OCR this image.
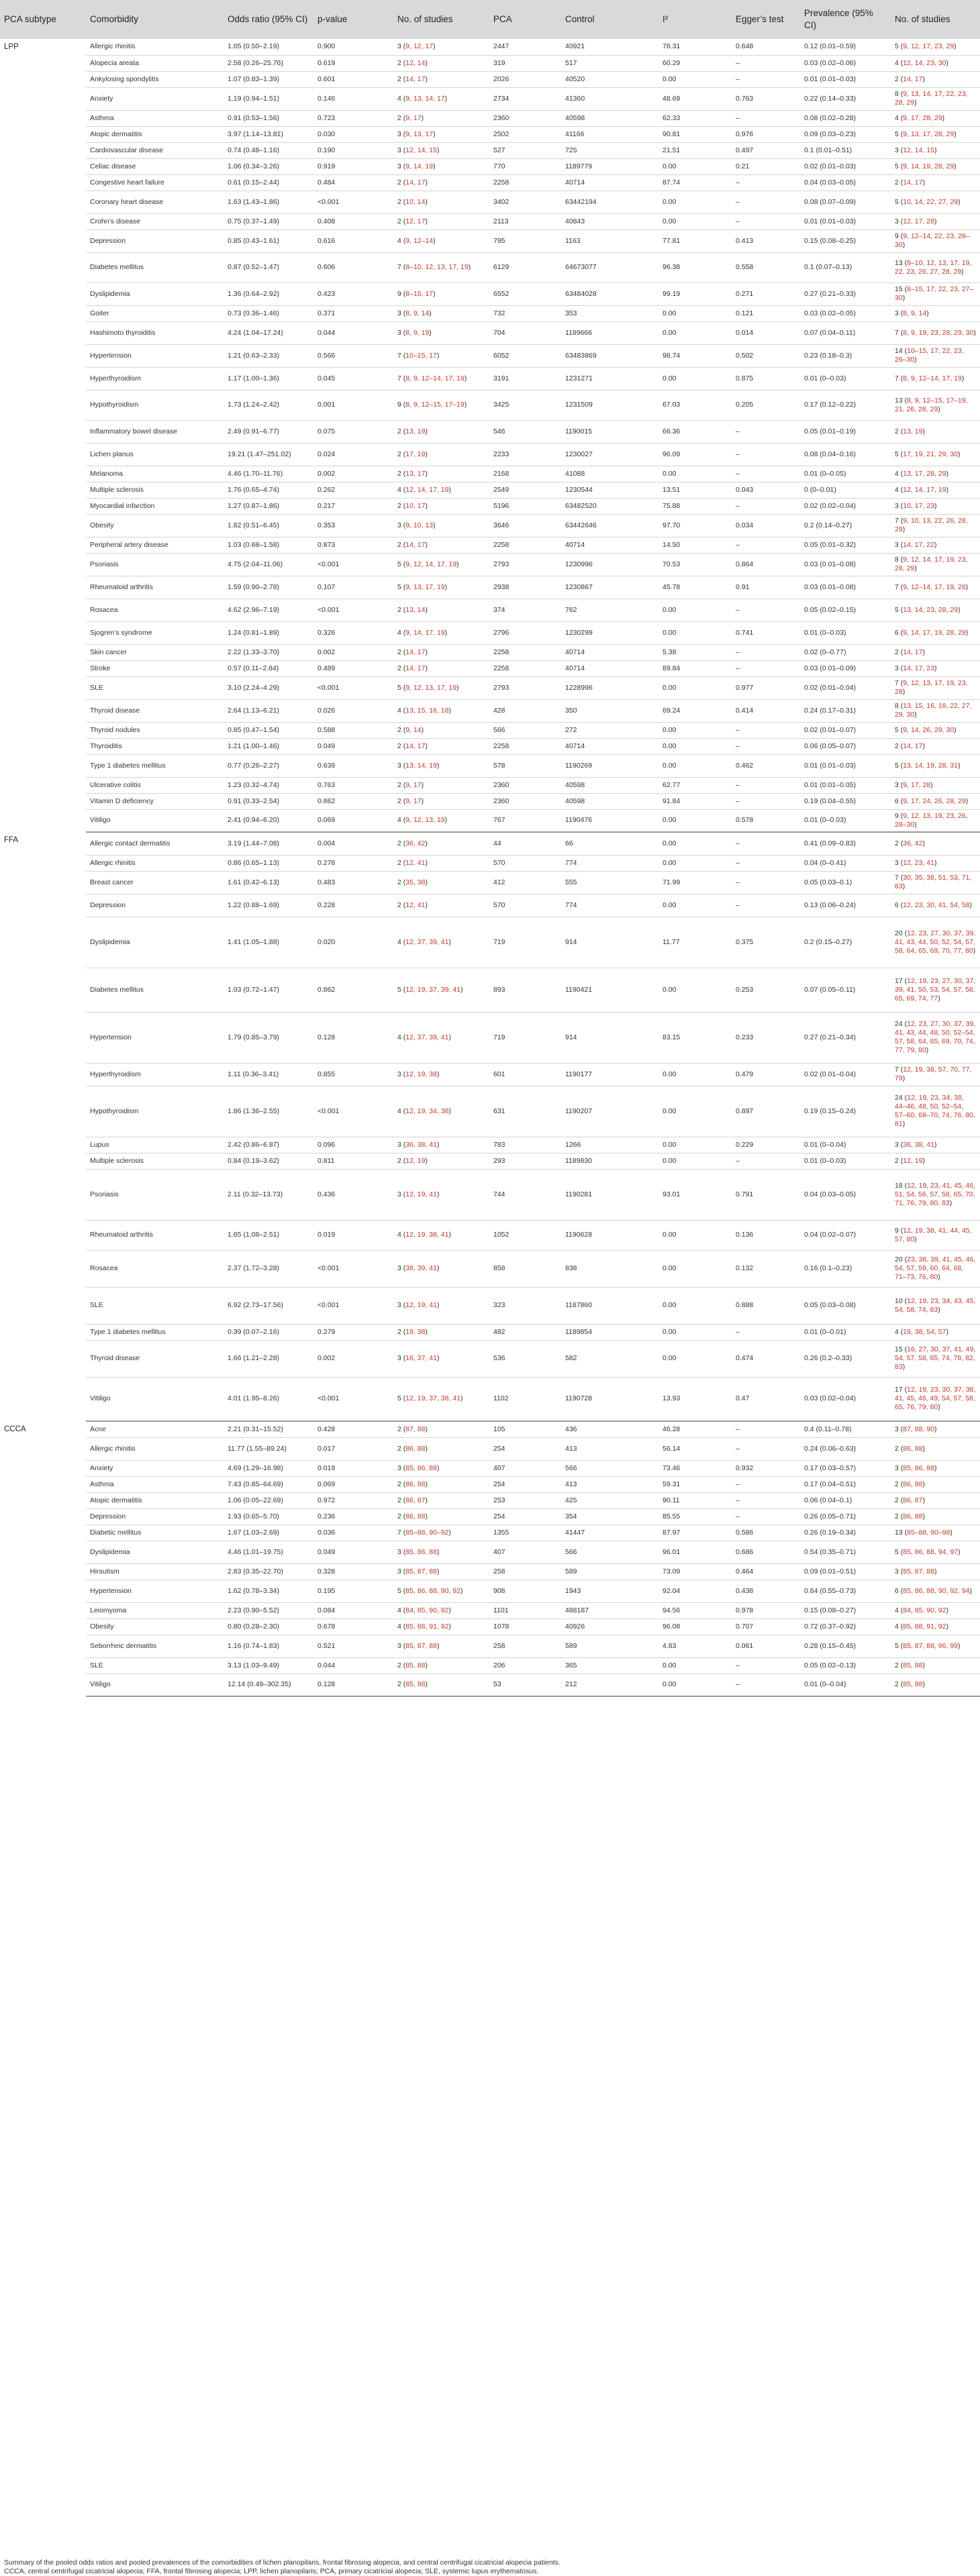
PCA subtype	Comorbidity	Odds ratio (95% CI)	p-value	No. of studies	PCA	Control	I²	Egger’s test	Prevalence (95% CI)	No. of studies
LPP	Allergic rhinitis	1.05 (0.50–2.19)	0.900	3 (9, 12, 17)	2447	40921	78.31	0.648	0.12 (0.01–0.59)	5 (9, 12, 17, 23, 29)
	Alopecia areata	2.58 (0.26–25.76)	0.619	2 (12, 14)	319	517	60.29	–	0.03 (0.02–0.06)	4 (12, 14, 23, 30)
	Ankylosing spondylitis	1.07 (0.83–1.39)	0.601	2 (14, 17)	2026	40520	0.00	–	0.01 (0.01–0.03)	2 (14, 17)
	Anxiety	1.19 (0.94–1.51)	0.146	4 (9, 13, 14, 17)	2734	41360	48.69	0.763	0.22 (0.14–0.33)	8 (9, 13, 14, 17, 22, 23, 28, 29)
	Asthma	0.91 (0.53–1.56)	0.723	2 (9, 17)	2360	40598	62.33	–	0.08 (0.02–0.28)	4 (9, 17, 28, 29)
	Atopic dermatitis	3.97 (1.14–13.81)	0.030	3 (9, 13, 17)	2502	41166	90.81	0.976	0.09 (0.03–0.23)	5 (9, 13, 17, 28, 29)
	Cardiovascular disease	0.74 (0.48–1.16)	0.190	3 (12, 14, 15)	527	725	21.51	0.497	0.1 (0.01–0.51)	3 (12, 14, 15)
	Celiac disease	1.06 (0.34–3.26)	0.919	3 (9, 14, 19)	770	1189779	0.00	0.21	0.02 (0.01–0.03)	5 (9, 14, 19, 28, 29)
	Congestive heart failure	0.61 (0.15–2.44)	0.484	2 (14, 17)	2258	40714	87.74	–	0.04 (0.03–0.05)	2 (14, 17)
	Coronary heart disease	1.63 (1.43–1.86)	<0.001	2 (10, 14)	3402	63442194	0.00	–	0.08 (0.07–0.09)	5 (10, 14, 22, 27, 29)
	Crohn’s disease	0.75 (0.37–1.49)	0.408	2 (12, 17)	2113	40843	0.00	–	0.01 (0.01–0.03)	3 (12, 17, 28)
	Depression	0.85 (0.43–1.61)	0.616	4 (9, 12–14)	795	1163	77.81	0.413	0.15 (0.08–0.25)	9 (9, 12–14, 22, 23, 28–30)
	Diabetes mellitus	0.87 (0.52–1.47)	0.606	7 (8–10, 12, 13, 17, 19)	6129	64673077	96.38	0.558	0.1 (0.07–0.13)	13 (8–10, 12, 13, 17, 19, 22, 23, 26, 27, 28, 29)
	Dyslipidemia	1.36 (0.64–2.92)	0.423	9 (8–15, 17)	6552	63484028	99.19	0.271	0.27 (0.21–0.33)	15 (8–15, 17, 22, 23, 27–30)
	Goiter	0.73 (0.36–1.46)	0.371	3 (8, 9, 14)	732	353	0.00	0.121	0.03 (0.02–0.05)	3 (8, 9, 14)
	Hashimoto thyroiditis	4.24 (1.04–17.24)	0.044	3 (8, 9, 19)	704	1189666	0.00	0.014	0.07 (0.04–0.11)	7 (8, 9, 19, 23, 28, 29, 30)
	Hypertension	1.21 (0.63–2.33)	0.566	7 (10–15, 17)	6052	63483869	98.74	0.502	0.23 (0.18–0.3)	14 (10–15, 17, 22, 23, 26–30)
	Hyperthyroidism	1.17 (1.00–1.36)	0.045	7 (8, 9, 12–14, 17, 19)	3191	1231271	0.00	0.875	0.01 (0–0.03)	7 (8, 9, 12–14, 17, 19)
	Hypothyroidism	1.73 (1.24–2.42)	0.001	9 (8, 9, 12–15, 17–19)	3425	1231509	67.03	0.205	0.17 (0.12–0.22)	13 (8, 9, 12–15, 17–19, 21, 26, 28, 29)
	Inflammatory bowel disease	2.49 (0.91–6.77)	0.075	2 (13, 19)	546	1190015	66.36	–	0.05 (0.01–0.19)	2 (13, 19)
	Lichen planus	19.21 (1.47–251.02)	0.024	2 (17, 19)	2233	1230027	96.09	–	0.08 (0.04–0.16)	5 (17, 19, 21, 29, 30)
	Melanoma	4.46 (1.70–11.76)	0.002	2 (13, 17)	2168	41088	0.00	–	0.01 (0–0.05)	4 (13, 17, 28, 29)
	Multiple sclerosis	1.76 (0.65–4.74)	0.262	4 (12, 14, 17, 19)	2549	1230544	13.51	0.043	0 (0–0.01)	4 (12, 14, 17, 19)
	Myocardial infarction	1.27 (0.87–1.86)	0.217	2 (10, 17)	5196	63482520	75.88	–	0.02 (0.02–0.04)	3 (10, 17, 23)
	Obesity	1.82 (0.51–6.45)	0.353	3 (9, 10, 13)	3646	63442646	97.70	0.034	0.2 (0.14–0.27)	7 (9, 10, 13, 22, 26, 28, 29)
	Peripheral artery disease	1.03 (0.68–1.58)	0.873	2 (14, 17)	2258	40714	14.50	–	0.05 (0.01–0.32)	3 (14, 17, 22)
	Psoriasis	4.75 (2.04–11.06)	<0.001	5 (9, 12, 14, 17, 19)	2793	1230996	70.53	0.864	0.03 (0.01–0.08)	8 (9, 12, 14, 17, 19, 23, 28, 29)
	Rheumatoid arthritis	1.59 (0.90–2.78)	0.107	5 (9, 13, 17, 19)	2938	1230867	45.78	0.91	0.03 (0.01–0.08)	7 (9, 12–14, 17, 19, 28)
	Rosacea	4.62 (2.96–7.19)	<0.001	2 (13, 14)	374	762	0.00	–	0.05 (0.02–0.15)	5 (13, 14, 23, 28, 29)
	Sjogren’s syndrome	1.24 (0.81–1.89)	0.326	4 (9, 14, 17, 19)	2796	1230299	0.00	0.741	0.01 (0–0.03)	6 (9, 14, 17, 19, 28, 29)
	Skin cancer	2.22 (1.33–3.70)	0.002	2 (14, 17)	2258	40714	5.38	–	0.02 (0–0.77)	2 (14, 17)
	Stroke	0.57 (0.11–2.84)	0.489	2 (14, 17)	2258	40714	89.84	–	0.03 (0.01–0.09)	3 (14, 17, 23)
	SLE	3.10 (2.24–4.29)	<0.001	5 (9, 12, 13, 17, 19)	2793	1228996	0.00	0.977	0.02 (0.01–0.04)	7 (9, 12, 13, 17, 19, 23, 28)
	Thyroid disease	2.64 (1.13–6.21)	0.026	4 (13, 15, 16, 18)	428	350	69.24	0.414	0.24 (0.17–0.31)	8 (13, 15, 16, 18, 22, 27, 29, 30)
	Thyroid nodules	0.85 (0.47–1.54)	0.588	2 (9, 14)	566	272	0.00	–	0.02 (0.01–0.07)	5 (9, 14, 26, 29, 30)
	Thyroiditis	1.21 (1.00–1.46)	0.049	2 (14, 17)	2258	40714	0.00	–	0.06 (0.05–0.07)	2 (14, 17)
	Type 1 diabetes mellitus	0.77 (0.26–2.27)	0.639	3 (13, 14, 19)	578	1190269	0.00	0.462	0.01 (0.01–0.03)	5 (13, 14, 19, 28, 31)
	Ulcerative colitis	1.23 (0.32–4.74)	0.763	2 (9, 17)	2360	40598	62.77	–	0.01 (0.01–0.05)	3 (9, 17, 28)
	Vitamin D deficiency	0.91 (0.33–2.54)	0.862	2 (9, 17)	2360	40598	91.84	–	0.19 (0.04–0.55)	6 (9, 17, 24, 26, 28, 29)
	Vitiligo	2.41 (0.94–6.20)	0.069	4 (9, 12, 13, 19)	767	1190476	0.00	0.578	0.01 (0–0.03)	9 (9, 12, 13, 19, 23, 26, 28–30)
FFA	Allergic contact dermatitis	3.19 (1.44–7.08)	0.004	2 (36, 42)	44	66	0.00	–	0.41 (0.09–0.83)	2 (36, 42)
	Allergic rhinitis	0.86 (0.65–1.13)	0.278	2 (12, 41)	570	774	0.00	–	0.04 (0–0.41)	3 (12, 23, 41)
	Breast cancer	1.61 (0.42–6.13)	0.483	2 (35, 38)	412	555	71.99	–	0.05 (0.03–0.1)	7 (30, 35, 38, 51, 53, 71, 83)
	Depression	1.22 (0.88–1.69)	0.228	2 (12, 41)	570	774	0.00	–	0.13 (0.06–0.24)	6 (12, 23, 30, 41, 54, 58)
	Dyslipidemia	1.41 (1.05–1.88)	0.020	4 (12, 37, 39, 41)	719	914	11.77	0.375	0.2 (0.15–0.27)	20 (12, 23, 27, 30, 37, 39, 41, 43, 44, 50, 52, 54, 57, 58, 64, 65, 69, 70, 77, 80)
	Diabetes mellitus	1.03 (0.72–1.47)	0.862	5 (12, 19, 37, 39, 41)	893	1190421	0.00	0.253	0.07 (0.05–0.11)	17 (12, 19, 23, 27, 30, 37, 39, 41, 50, 53, 54, 57, 58, 65, 69, 74, 77)
	Hypertension	1.79 (0.85–3.79)	0.128	4 (12, 37, 39, 41)	719	914	83.15	0.233	0.27 (0.21–0.34)	24 (12, 23, 27, 30, 37, 39, 41, 43, 44, 48, 50, 52–54, 57, 58, 64, 65, 69, 70, 74, 77, 79, 80)
	Hyperthyroidism	1.11 (0.36–3.41)	0.855	3 (12, 19, 38)	601	1190177	0.00	0.479	0.02 (0.01–0.04)	7 (12, 19, 38, 57, 70, 77, 79)
	Hypothyroidism	1.86 (1.36–2.55)	<0.001	4 (12, 19, 34, 38)	631	1190207	0.00	0.897	0.19 (0.15–0.24)	24 (12, 19, 23, 34, 38, 44–46, 48, 50, 52–54, 57–60, 68–70, 74, 76, 80, 81)
	Lupus	2.42 (0.86–6.87)	0.096	3 (36, 38, 41)	783	1266	0.00	0.229	0.01 (0–0.04)	3 (36, 38, 41)
	Multiple sclerosis	0.84 (0.19–3.62)	0.811	2 (12, 19)	293	1189830	0.00	–	0.01 (0–0.03)	2 (12, 19)
	Psoriasis	2.11 (0.32–13.73)	0.436	3 (12, 19, 41)	744	1190281	93.01	0.791	0.04 (0.03–0.05)	18 (12, 19, 23, 41, 45, 46, 51, 54, 56, 57, 58, 65, 70, 71, 76, 79, 80, 83)
	Rheumatoid arthritis	1.65 (1.08–2.51)	0.019	4 (12, 19, 38, 41)	1052	1190628	0.00	0.136	0.04 (0.02–0.07)	9 (12, 19, 38, 41, 44, 45, 57, 80)
	Rosacea	2.37 (1.72–3.28)	<0.001	3 (38, 39, 41)	858	838	0.00	0.132	0.16 (0.1–0.23)	20 (23, 38, 39, 41, 45, 46, 54, 57, 59, 60, 64, 68, 71–73, 76, 80)
	SLE	6.92 (2.73–17.56)	<0.001	3 (12, 19, 41)	323	1187860	0.00	0.888	0.05 (0.03–0.08)	10 (12, 19, 23, 34, 43, 45, 54, 58, 74, 83)
	Type 1 diabetes mellitus	0.39 (0.07–2.16)	0.279	2 (19, 38)	482	1189854	0.00	–	0.01 (0–0.01)	4 (19, 38, 54, 57)
	Thyroid disease	1.66 (1.21–2.28)	0.002	3 (16, 37, 41)	536	582	0.00	0.474	0.26 (0.2–0.33)	15 (16, 27, 30, 37, 41, 49, 54, 57, 58, 65, 74, 78, 82, 83)
	Vitiligo	4.01 (1.95–8.26)	<0.001	5 (12, 19, 37, 38, 41)	1102	1190728	13.93	0.47	0.03 (0.02–0.04)	17 (12, 19, 23, 30, 37, 38, 41, 45, 46, 49, 54, 57, 58, 65, 76, 79, 80)
CCCA	Acne	2.21 (0.31–15.52)	0.428	2 (87, 88)	105	436	46.28	–	0.4 (0.11–0.78)	3 (87, 88, 90)
	Allergic rhinitis	11.77 (1.55–89.24)	0.017	2 (86, 88)	254	413	56.14	–	0.24 (0.06–0.63)	2 (86, 88)
	Anxiety	4.69 (1.29–16.98)	0.019	3 (85, 86, 88)	407	566	73.46	0.932	0.17 (0.03–0.57)	3 (85, 86, 88)
	Asthma	7.43 (0.85–64.69)	0.069	2 (86, 88)	254	413	59.31	–	0.17 (0.04–0.51)	2 (86, 88)
	Atopic dermatitis	1.06 (0.05–22.69)	0.972	2 (86, 87)	253	425	90.11	–	0.06 (0.04–0.1)	2 (86, 87)
	Depression	1.93 (0.65–5.70)	0.236	2 (86, 88)	254	354	85.55	–	0.26 (0.05–0.71)	2 (86, 88)
	Diabetic mellitus	1.67 (1.03–2.69)	0.036	7 (85–88, 90–92)	1355	41447	87.97	0.586	0.26 (0.19–0.34)	13 (85–88, 90–98)
	Dyslipidemia	4.46 (1.01–19.75)	0.049	3 (85, 86, 88)	407	566	96.01	0.686	0.54 (0.35–0.71)	5 (85, 86, 88, 94, 97)
	Hirsutism	2.83 (0.35–22.70)	0.328	3 (85, 87, 88)	258	589	73.09	0.464	0.09 (0.01–0.51)	3 (85, 87, 88)
	Hypertension	1.62 (0.78–3.34)	0.195	5 (85, 86, 88, 90, 92)	908	1943	92.04	0.438	0.64 (0.55–0.73)	6 (85, 86, 88, 90, 92, 94)
	Leiomyoma	2.23 (0.90–5.52)	0.084	4 (84, 85, 90, 92)	1101	488187	94.56	0.978	0.15 (0.08–0.27)	4 (84, 85, 90, 92)
	Obesity	0.80 (0.28–2.30)	0.678	4 (85, 88, 91, 92)	1078	40926	96.08	0.707	0.72 (0.37–0.92)	4 (85, 88, 91, 92)
	Seborrheic dermatitis	1.16 (0.74–1.83)	0.521	3 (85, 87, 88)	258	589	4.83	0.061	0.28 (0.15–0.45)	5 (85, 87, 88, 96, 99)
	SLE	3.13 (1.03–9.49)	0.044	2 (85, 88)	206	365	0.00	–	0.05 (0.02–0.13)	2 (85, 88)
	Vitiligo	12.14 (0.49–302.35)	0.128	2 (85, 88)	53	212	0.00	–	0.01 (0–0.04)	2 (85, 88)
Summary of the pooled odds ratios and pooled prevalences of the comorbidities of lichen planopilaris, frontal fibrosing alopecia, and central centrifugal cicatricial alopecia patients.
CCCA, central centrifugal cicatricial alopecia; FFA, frontal fibrosing alopecia; LPP, lichen planopilaris; PCA, primary cicatricial alopecia; SLE, systemic lupus erythematosus.
